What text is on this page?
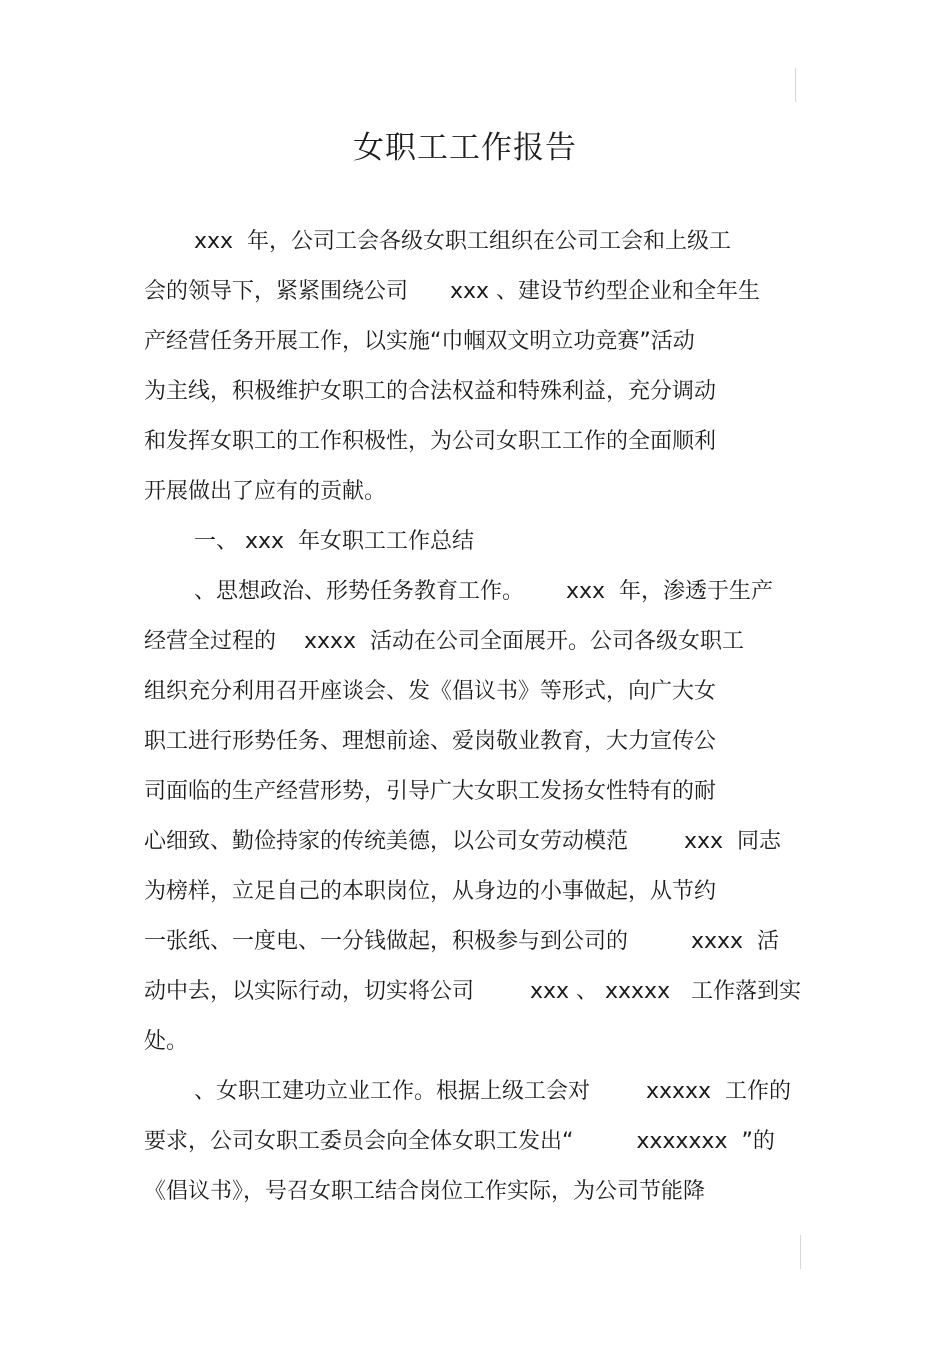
女职工工作报告
xxx  年，公司工会各级女职工组织在公司工会和上级工
会的领导下，紧紧围绕公司      xxx 、建设节约型企业和全年生
产经营任务开展工作，以实施“巾帼双文明立功竞赛”活动
为主线，积极维护女职工的合法权益和特殊利益，充分调动
和发挥女职工的工作积极性，为公司女职工工作的全面顺利
开展做出了应有的贡献。
一、 xxx  年女职工工作总结
、思想政治、形势任务教育工作。      xxx  年，渗透于生产
经营全过程的    xxxx  活动在公司全面展开。公司各级女职工
组织充分利用召开座谈会、发《倡议书》等形式，向广大女
职工进行形势任务、理想前途、爱岗敬业教育，大力宣传公
司面临的生产经营形势，引导广大女职工发扬女性特有的耐
心细致、勤俭持家的传统美德，以公司女劳动模范        xxx  同志
为榜样，立足自己的本职岗位，从身边的小事做起，从节约
一张纸、一度电、一分钱做起，积极参与到公司的         xxxx  活
动中去，以实际行动，切实将公司        xxx 、 xxxxx   工作落到实
处。
、女职工建功立业工作。根据上级工会对        xxxxx  工作的
要求，公司女职工委员会向全体女职工发出“         xxxxxxx  ”的
《倡议书》，号召女职工结合岗位工作实际，为公司节能降
